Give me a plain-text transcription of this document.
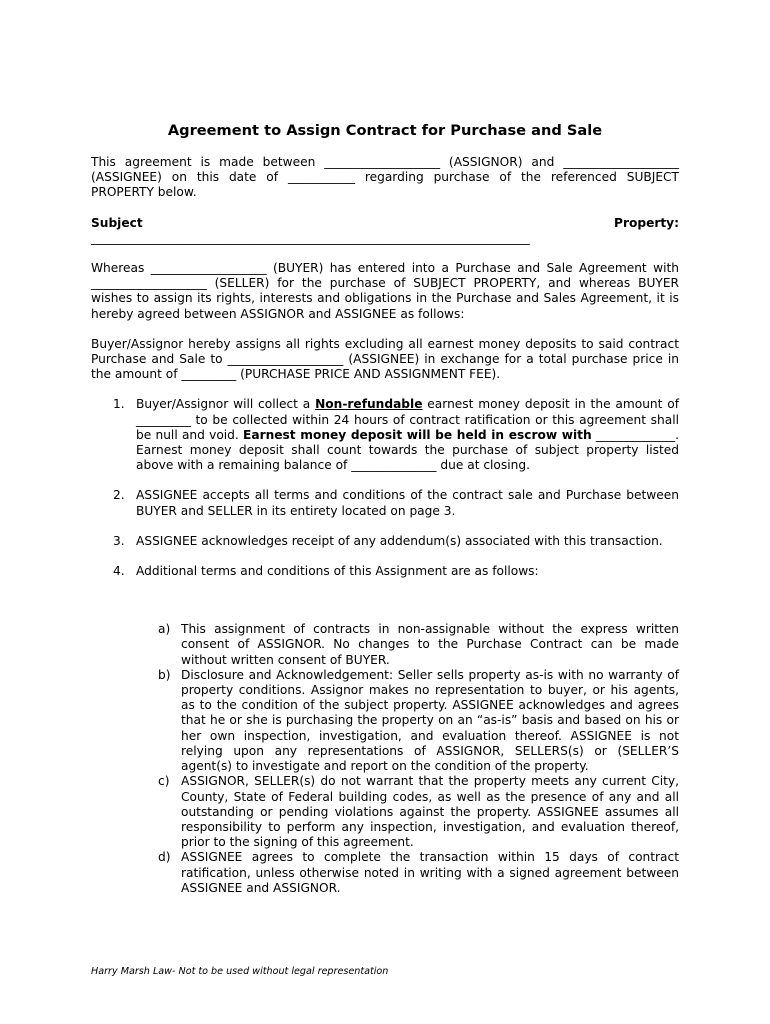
Agreement to Assign Contract for Purchase and Sale

This agreement is made between ___________________ (ASSIGNOR) and ___________________ (ASSIGNEE) on this date of ___________ regarding purchase of the referenced SUBJECT PROPERTY below.

Subject	Property:
________________________________________________________________________

Whereas ___________________ (BUYER) has entered into a Purchase and Sale Agreement with ___________________ (SELLER) for the purchase of SUBJECT PROPERTY, and whereas BUYER wishes to assign its rights, interests and obligations in the Purchase and Sales Agreement, it is hereby agreed between ASSIGNOR and ASSIGNEE as follows:

Buyer/Assignor hereby assigns all rights excluding all earnest money deposits to said contract Purchase and Sale to ___________________ (ASSIGNEE) in exchange for a total purchase price in the amount of _________ (PURCHASE PRICE AND ASSIGNMENT FEE).

1. Buyer/Assignor will collect a Non-refundable earnest money deposit in the amount of _________ to be collected within 24 hours of contract ratification or this agreement shall be null and void. Earnest money deposit will be held in escrow with _____________. Earnest money deposit shall count towards the purchase of subject property listed above with a remaining balance of ______________ due at closing.
2. ASSIGNEE accepts all terms and conditions of the contract sale and Purchase between BUYER and SELLER in its entirety located on page 3.
3. ASSIGNEE acknowledges receipt of any addendum(s) associated with this transaction.
4. Additional terms and conditions of this Assignment are as follows:
a) This assignment of contracts in non-assignable without the express written consent of ASSIGNOR. No changes to the Purchase Contract can be made without written consent of BUYER.
b) Disclosure and Acknowledgement: Seller sells property as-is with no warranty of property conditions. Assignor makes no representation to buyer, or his agents, as to the condition of the subject property. ASSIGNEE acknowledges and agrees that he or she is purchasing the property on an “as-is” basis and based on his or her own inspection, investigation, and evaluation thereof. ASSIGNEE is not relying upon any representations of ASSIGNOR, SELLERS(s) or (SELLER’S agent(s) to investigate and report on the condition of the property.
c) ASSIGNOR, SELLER(s) do not warrant that the property meets any current City, County, State of Federal building codes, as well as the presence of any and all outstanding or pending violations against the property. ASSIGNEE assumes all responsibility to perform any inspection, investigation, and evaluation thereof, prior to the signing of this agreement.
d) ASSIGNEE agrees to complete the transaction within 15 days of contract ratification, unless otherwise noted in writing with a signed agreement between ASSIGNEE and ASSIGNOR.
Harry Marsh Law- Not to be used without legal representation
